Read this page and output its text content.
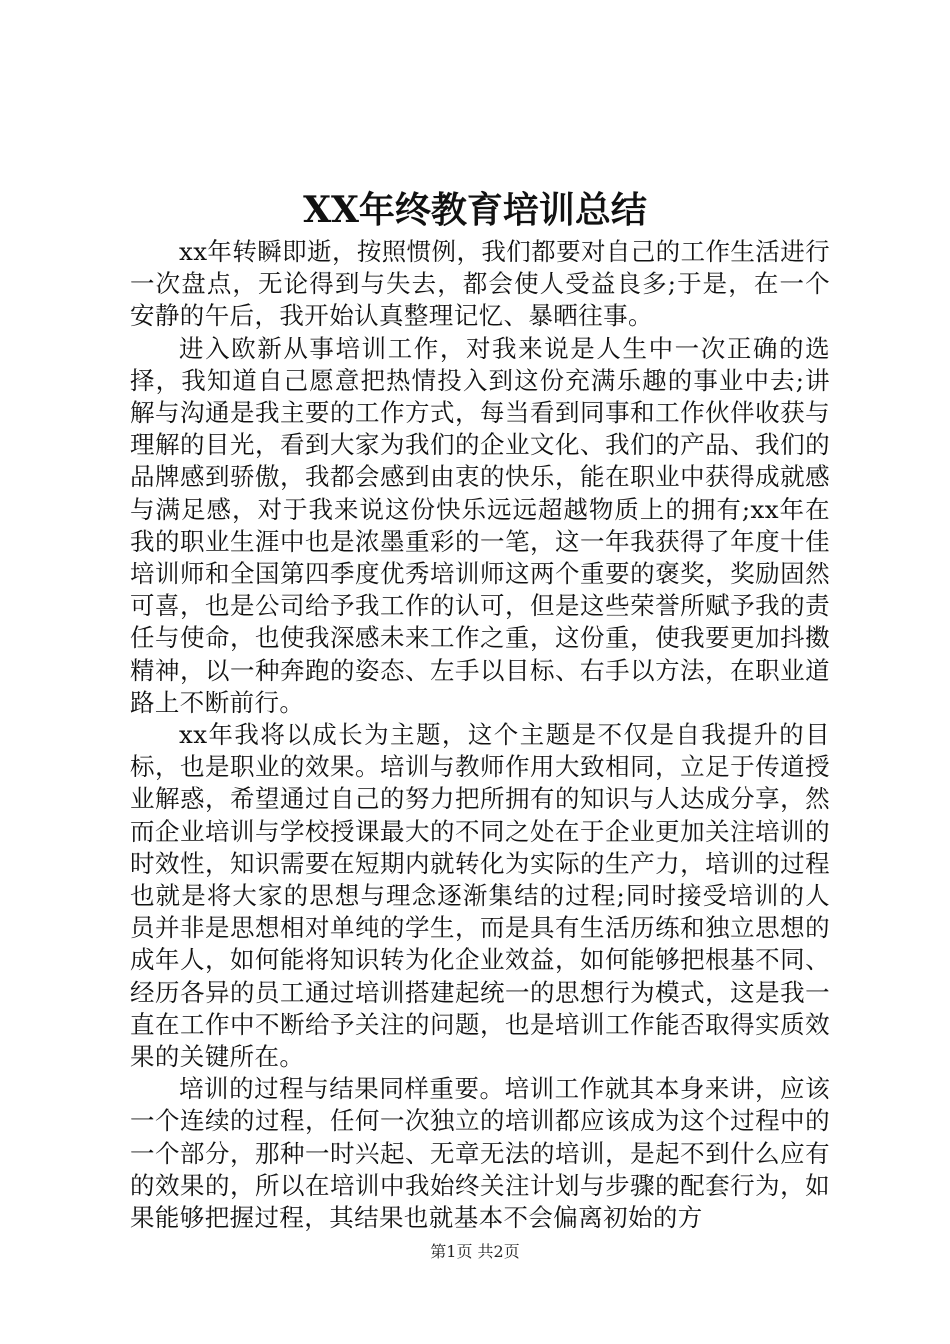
XX年终教育培训总结

xx年转瞬即逝，按照惯例，我们都要对自己的工作生活进行一次盘点，无论得到与失去，都会使人受益良多;于是，在一个安静的午后，我开始认真整理记忆、暴晒往事。

进入欧新从事培训工作，对我来说是人生中一次正确的选择，我知道自己愿意把热情投入到这份充满乐趣的事业中去;讲解与沟通是我主要的工作方式，每当看到同事和工作伙伴收获与理解的目光，看到大家为我们的企业文化、我们的产品、我们的品牌感到骄傲，我都会感到由衷的快乐，能在职业中获得成就感与满足感，对于我来说这份快乐远远超越物质上的拥有;xx年在我的职业生涯中也是浓墨重彩的一笔，这一年我获得了年度十佳培训师和全国第四季度优秀培训师这两个重要的褒奖，奖励固然可喜，也是公司给予我工作的认可，但是这些荣誉所赋予我的责任与使命，也使我深感未来工作之重，这份重，使我要更加抖擞精神，以一种奔跑的姿态、左手以目标、右手以方法，在职业道路上不断前行。

xx年我将以成长为主题，这个主题是不仅是自我提升的目标，也是职业的效果。培训与教师作用大致相同，立足于传道授业解惑，希望通过自己的努力把所拥有的知识与人达成分享，然而企业培训与学校授课最大的不同之处在于企业更加关注培训的时效性，知识需要在短期内就转化为实际的生产力，培训的过程也就是将大家的思想与理念逐渐集结的过程;同时接受培训的人员并非是思想相对单纯的学生，而是具有生活历练和独立思想的成年人，如何能将知识转为化企业效益，如何能够把根基不同、经历各异的员工通过培训搭建起统一的思想行为模式，这是我一直在工作中不断给予关注的问题，也是培训工作能否取得实质效果的关键所在。

培训的过程与结果同样重要。培训工作就其本身来讲，应该一个连续的过程，任何一次独立的培训都应该成为这个过程中的一个部分，那种一时兴起、无章无法的培训，是起不到什么应有的效果的，所以在培训中我始终关注计划与步骤的配套行为，如果能够把握过程，其结果也就基本不会偏离初始的方

第1页 共2页
